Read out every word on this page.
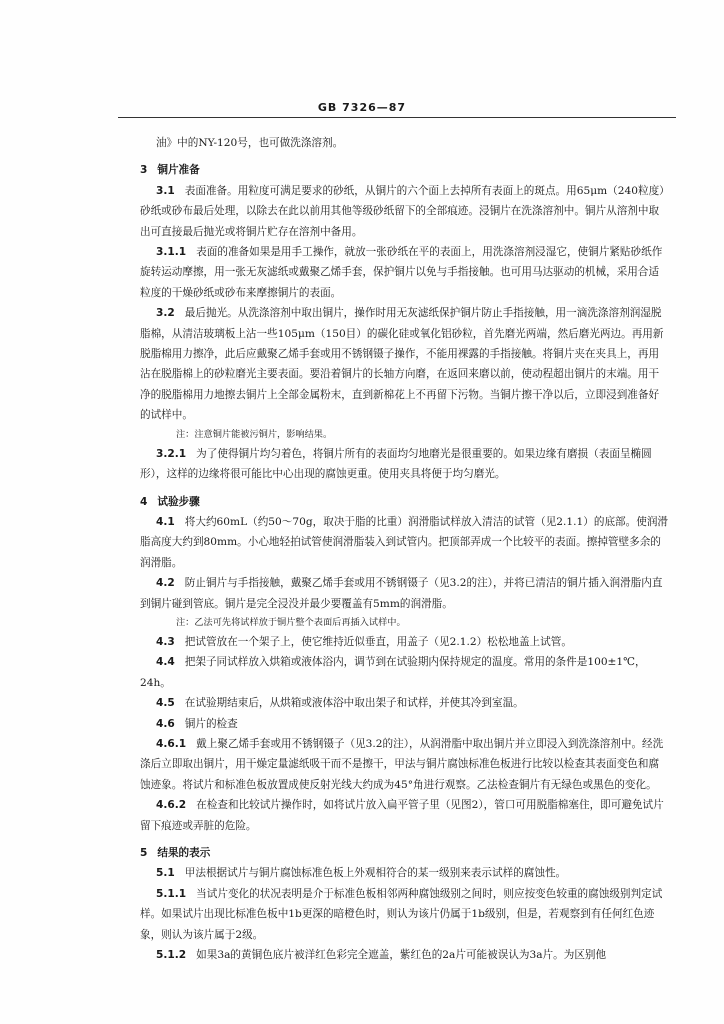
GB 7326—87

油》中的NY-120号，也可做洗涤溶剂。

3 铜片准备

3.1 表面准备。用粒度可满足要求的砂纸，从铜片的六个面上去掉所有表面上的斑点。用65μm（240粒度）砂纸或砂布最后处理，以除去在此以前用其他等级砂纸留下的全部痕迹。浸铜片在洗涤溶剂中。铜片从溶剂中取出可直接最后抛光或将铜片贮存在溶剂中备用。

3.1.1 表面的准备如果是用手工操作，就放一张砂纸在平的表面上，用洗涤溶剂浸湿它，使铜片紧贴砂纸作旋转运动摩擦，用一张无灰滤纸或戴聚乙烯手套，保护铜片以免与手指接触。也可用马达驱动的机械，采用合适粒度的干燥砂纸或砂布来摩擦铜片的表面。

3.2 最后抛光。从洗涤溶剂中取出铜片，操作时用无灰滤纸保护铜片防止手指接触，用一滴洗涤溶剂润湿脱脂棉，从清洁玻璃板上沾一些105μm（150目）的碳化硅或氧化铝砂粒，首先磨光两端，然后磨光两边。再用新脱脂棉用力擦净，此后应戴聚乙烯手套或用不锈钢镊子操作，不能用裸露的手指接触。将铜片夹在夹具上，再用沾在脱脂棉上的砂粒磨光主要表面。要沿着铜片的长轴方向磨，在返回来磨以前，使动程超出铜片的末端。用干净的脱脂棉用力地擦去铜片上全部金属粉末，直到新棉花上不再留下污物。当铜片擦干净以后，立即浸到准备好的试样中。

注：注意铜片能被污铜片，影响结果。

3.2.1 为了使得铜片均匀着色，将铜片所有的表面均匀地磨光是很重要的。如果边缘有磨损（表面呈椭圆形），这样的边缘将很可能比中心出现的腐蚀更重。使用夹具将便于均匀磨光。

4 试验步骤

4.1 将大约60mL（约50～70g，取决于脂的比重）润滑脂试样放入清洁的试管（见2.1.1）的底部。使润滑脂高度大约到80mm。小心地轻拍试管使润滑脂装入到试管内。把顶部弄成一个比较平的表面。擦掉管壁多余的润滑脂。

4.2 防止铜片与手指接触，戴聚乙烯手套或用不锈钢镊子（见3.2的注），并将已清洁的铜片插入润滑脂内直到铜片碰到管底。铜片是完全浸没并最少要覆盖有5mm的润滑脂。

注：乙法可先将试样放于铜片整个表面后再插入试样中。

4.3 把试管放在一个架子上，使它维持近似垂直，用盖子（见2.1.2）松松地盖上试管。

4.4 把架子同试样放入烘箱或液体浴内，调节到在试验期内保持规定的温度。常用的条件是100±1℃，24h。

4.5 在试验期结束后，从烘箱或液体浴中取出架子和试样，并使其冷到室温。

4.6 铜片的检查

4.6.1 戴上聚乙烯手套或用不锈钢镊子（见3.2的注），从润滑脂中取出铜片并立即浸入到洗涤溶剂中。经洗涤后立即取出铜片，用干燥定量滤纸吸干而不是擦干，甲法与铜片腐蚀标准色板进行比较以检查其表面变色和腐蚀迹象。将试片和标准色板放置成使反射光线大约成为45°角进行观察。乙法检查铜片有无绿色或黑色的变化。

4.6.2 在检查和比较试片操作时，如将试片放入扁平管子里（见图2），管口可用脱脂棉塞住，即可避免试片留下痕迹或弄脏的危险。

5 结果的表示

5.1 甲法根据试片与铜片腐蚀标准色板上外观相符合的某一级别来表示试样的腐蚀性。

5.1.1 当试片变化的状况表明是介于标准色板相邻两种腐蚀级别之间时，则应按变色较重的腐蚀级别判定试样。如果试片出现比标准色板中1b更深的暗橙色时，则认为该片仍属于1b级别，但是，若观察到有任何红色迹象，则认为该片属于2级。

5.1.2 如果3a的黄铜色底片被洋红色彩完全遮盖，紫红色的2a片可能被误认为3a片。为区别他
